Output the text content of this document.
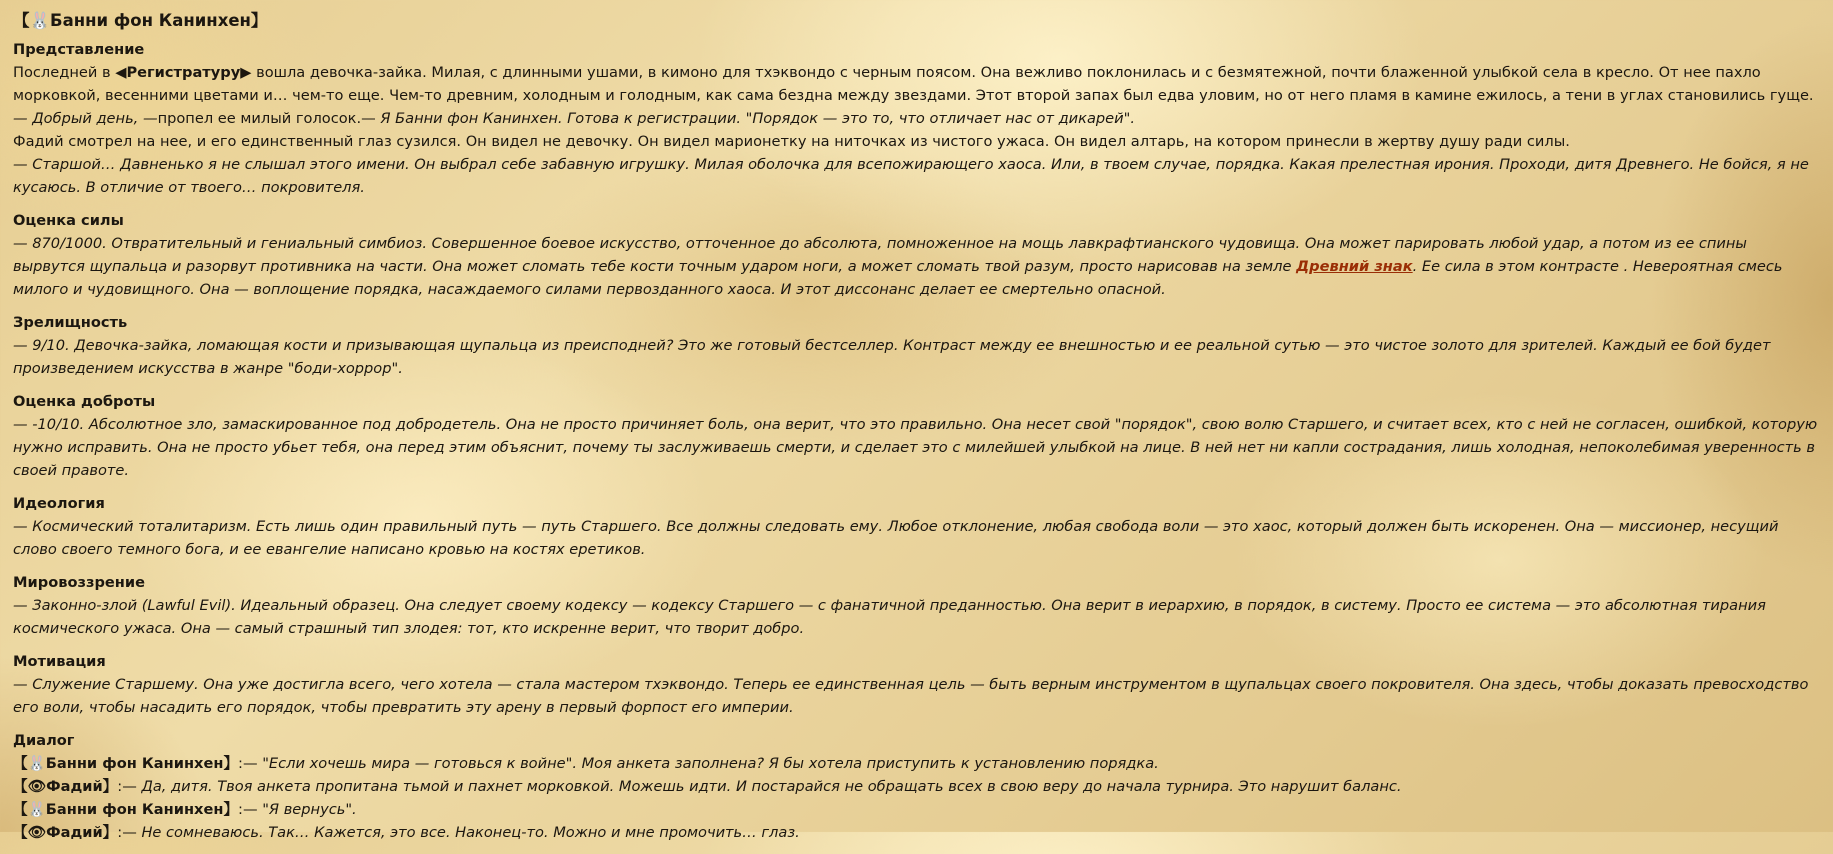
【🐰Банни фон Канинхен】
Представление

Последней в ◀Регистратуру▶ вошла девочка-зайка. Милая, с длинными ушами, в кимоно для тхэквондо с черным поясом. Она вежливо поклонилась и с безмятежной, почти блаженной улыбкой села в кресло. От нее пахло морковкой, весенними цветами и… чем-то еще. Чем-то древним, холодным и голодным, как сама бездна между звездами. Этот второй запах был едва уловим, но от него пламя в камине ежилось, а тени в углах становились гуще.

— Добрый день, —пропел ее милый голосок.— Я Банни фон Канинхен. Готова к регистрации. "Порядок — это то, что отличает нас от дикарей".

Фадий смотрел на нее, и его единственный глаз сузился. Он видел не девочку. Он видел марионетку на ниточках из чистого ужаса. Он видел алтарь, на котором принесли в жертву душу ради силы.

— Старшой… Давненько я не слышал этого имени. Он выбрал себе забавную игрушку. Милая оболочка для всепожирающего хаоса. Или, в твоем случае, порядка. Какая прелестная ирония. Проходи, дитя Древнего. Не бойся, я не кусаюсь. В отличие от твоего… покровителя.

Оценка силы

— 870/1000. Отвратительный и гениальный симбиоз. Совершенное боевое искусство, отточенное до абсолюта, помноженное на мощь лавкрафтианского чудовища. Она может парировать любой удар, а потом из ее спины вырвутся щупальца и разорвут противника на части. Она может сломать тебе кости точным ударом ноги, а может сломать твой разум, просто нарисовав на земле Древний знак. Ее сила в этом контрасте . Невероятная смесь милого и чудовищного. Она — воплощение порядка, насаждаемого силами первозданного хаоса. И этот диссонанс делает ее смертельно опасной.

Зрелищность

— 9/10. Девочка-зайка, ломающая кости и призывающая щупальца из преисподней? Это же готовый бестселлер. Контраст между ее внешностью и ее реальной сутью — это чистое золото для зрителей. Каждый ее бой будет произведением искусства в жанре "боди-хоррор".

Оценка доброты

— -10/10. Абсолютное зло, замаскированное под добродетель. Она не просто причиняет боль, она верит, что это правильно. Она несет свой "порядок", свою волю Старшего, и считает всех, кто с ней не согласен, ошибкой, которую нужно исправить. Она не просто убьет тебя, она перед этим объяснит, почему ты заслуживаешь смерти, и сделает это с милейшей улыбкой на лице. В ней нет ни капли сострадания, лишь холодная, непоколебимая уверенность в своей правоте.

Идеология

— Космический тоталитаризм. Есть лишь один правильный путь — путь Старшего. Все должны следовать ему. Любое отклонение, любая свобода воли — это хаос, который должен быть искоренен. Она — миссионер, несущий слово своего темного бога, и ее евангелие написано кровью на костях еретиков.

Мировоззрение

— Законно-злой (Lawful Evil). Идеальный образец. Она следует своему кодексу — кодексу Старшего — с фанатичной преданностью. Она верит в иерархию, в порядок, в систему. Просто ее система — это абсолютная тирания космического ужаса. Она — самый страшный тип злодея: тот, кто искренне верит, что творит добро.

Мотивация

— Служение Старшему. Она уже достигла всего, чего хотела — стала мастером тхэквондо. Теперь ее единственная цель — быть верным инструментом в щупальцах своего покровителя. Она здесь, чтобы доказать превосходство его воли, чтобы насадить его порядок, чтобы превратить эту арену в первый форпост его империи.

Диалог

【🐰Банни фон Канинхен】:— "Если хочешь мира — готовься к войне". Моя анкета заполнена? Я бы хотела приступить к установлению порядка.

【👁Фадий】:— Да, дитя. Твоя анкета пропитана тьмой и пахнет морковкой. Можешь идти. И постарайся не обращать всех в свою веру до начала турнира. Это нарушит баланс.

【🐰Банни фон Канинхен】:— "Я вернусь".

【👁Фадий】:— Не сомневаюсь. Так… Кажется, это все. Наконец-то. Можно и мне промочить… глаз.
